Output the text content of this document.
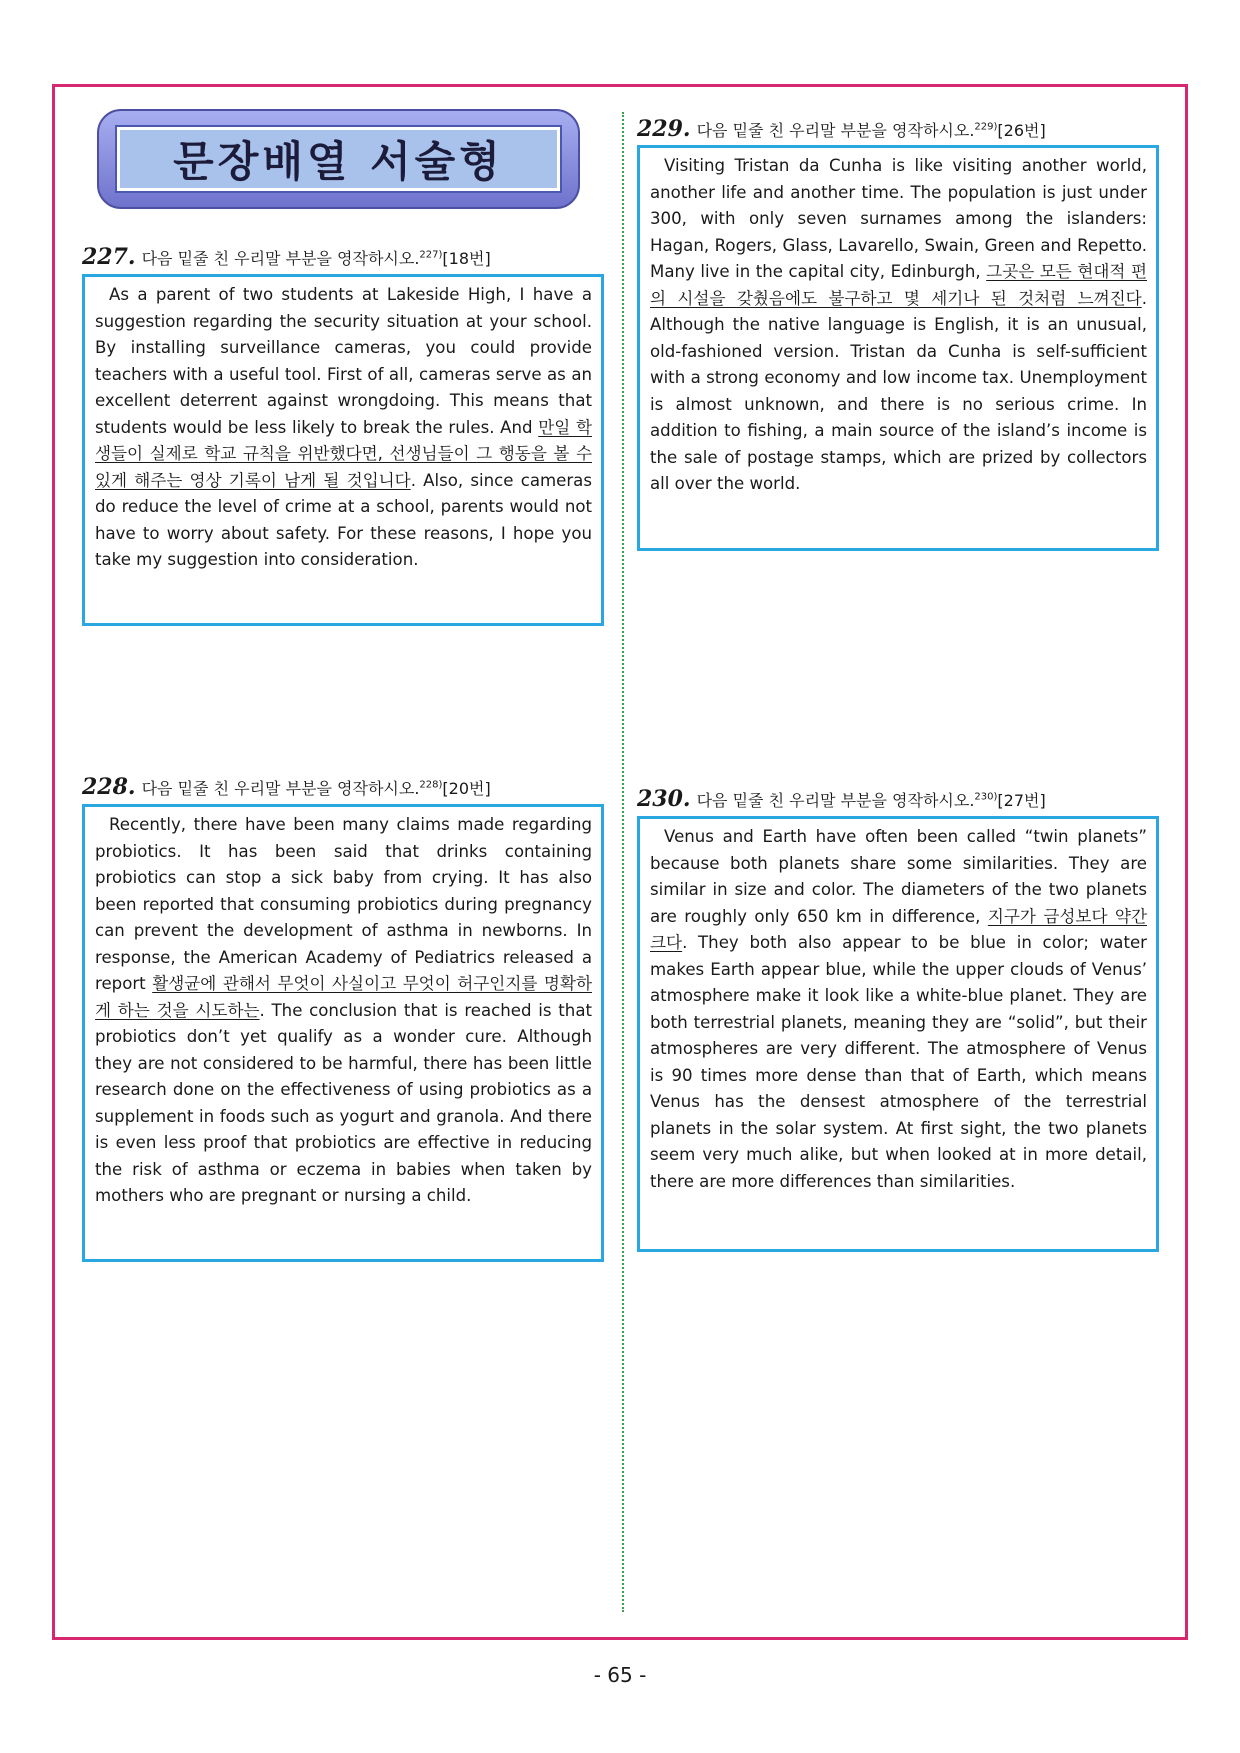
문장배열 서술형
227. 다음 밑줄 친 우리말 부분을 영작하시오.$^{227)}$[18번]
As a parent of two students at Lakeside High, I have a suggestion regarding the security situation at your school. By installing surveillance cameras, you could provide teachers with a useful tool. First of all, cameras serve as an excellent deterrent against wrongdoing. This means that students would be less likely to break the rules. And 만일 학생들이 실제로 학교 규칙을 위반했다면, 선생님들이 그 행동을 볼 수 있게 해주는 영상 기록이 남게 될 것입니다. Also, since cameras do reduce the level of crime at a school, parents would not have to worry about safety. For these reasons, I hope you take my suggestion into consideration.
228. 다음 밑줄 친 우리말 부분을 영작하시오.$^{228)}$[20번]
Recently, there have been many claims made regarding probiotics. It has been said that drinks containing probiotics can stop a sick baby from crying. It has also been reported that consuming probiotics during pregnancy can prevent the development of asthma in newborns. In response, the American Academy of Pediatrics released a report 활생균에 관해서 무엇이 사실이고 무엇이 허구인지를 명확하게 하는 것을 시도하는. The conclusion that is reached is that probiotics don’t yet qualify as a wonder cure. Although they are not considered to be harmful, there has been little research done on the effectiveness of using probiotics as a supplement in foods such as yogurt and granola. And there is even less proof that probiotics are effective in reducing the risk of asthma or eczema in babies when taken by mothers who are pregnant or nursing a child.
229. 다음 밑줄 친 우리말 부분을 영작하시오.$^{229)}$[26번]
Visiting Tristan da Cunha is like visiting another world, another life and another time. The population is just under 300, with only seven surnames among the islanders: Hagan, Rogers, Glass, Lavarello, Swain, Green and Repetto. Many live in the capital city, Edinburgh, 그곳은 모든 현대적 편의 시설을 갖췄음에도 불구하고 몇 세기나 된 것처럼 느껴진다. Although the native language is English, it is an unusual, old-fashioned version. Tristan da Cunha is self-sufficient with a strong economy and low income tax. Unemployment is almost unknown, and there is no serious crime. In addition to fishing, a main source of the island’s income is the sale of postage stamps, which are prized by collectors all over the world.
230. 다음 밑줄 친 우리말 부분을 영작하시오.$^{230)}$[27번]
Venus and Earth have often been called “twin planets” because both planets share some similarities. They are similar in size and color. The diameters of the two planets are roughly only 650 km in difference, 지구가 금성보다 약간 크다. They both also appear to be blue in color; water makes Earth appear blue, while the upper clouds of Venus’ atmosphere make it look like a white-blue planet. They are both terrestrial planets, meaning they are “solid”, but their atmospheres are very different. The atmosphere of Venus is 90 times more dense than that of Earth, which means Venus has the densest atmosphere of the terrestrial planets in the solar system. At first sight, the two planets seem very much alike, but when looked at in more detail, there are more differences than similarities.
- 65 -
